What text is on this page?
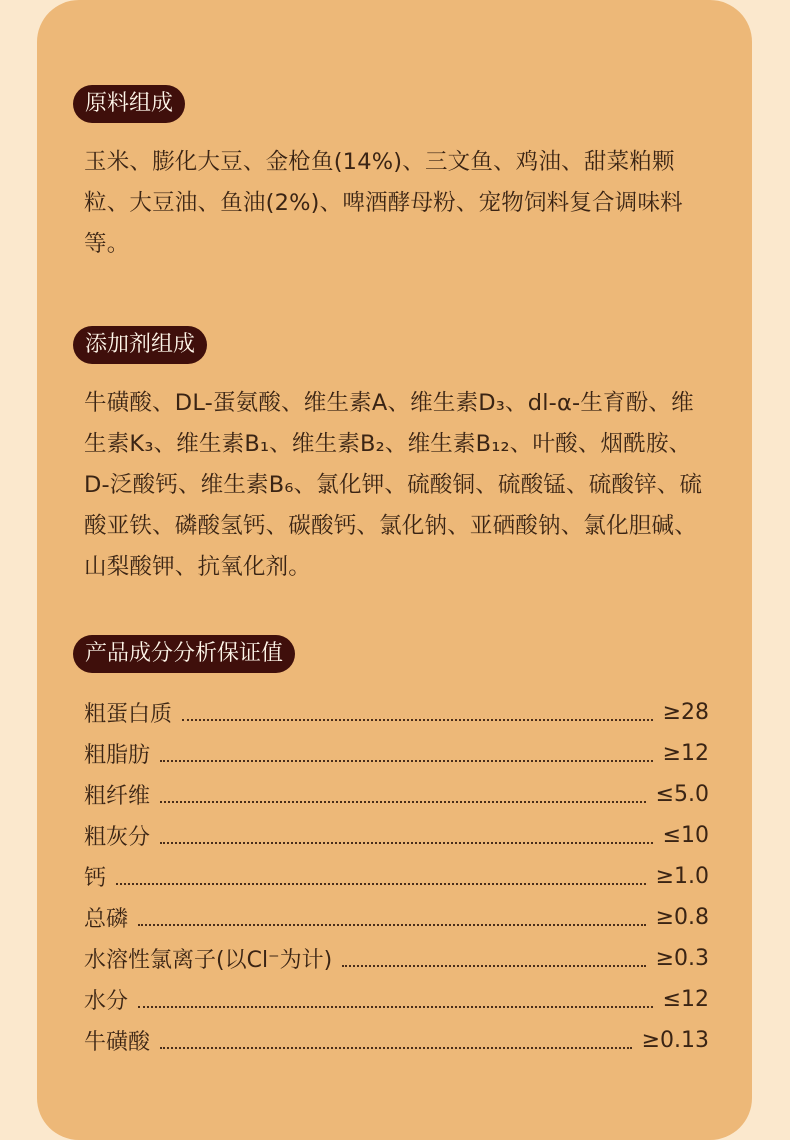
原料组成

玉米、膨化大豆、金枪鱼(14%)、三文鱼、鸡油、甜菜粕颗粒、大豆油、鱼油(2%)、啤酒酵母粉、宠物饲料复合调味料等。

添加剂组成

牛磺酸、DL-蛋氨酸、维生素A、维生素D₃、dl-α-生育酚、维生素K₃、维生素B₁、维生素B₂、维生素B₁₂、叶酸、烟酰胺、D-泛酸钙、维生素B₆、氯化钾、硫酸铜、硫酸锰、硫酸锌、硫酸亚铁、磷酸氢钙、碳酸钙、氯化钠、亚硒酸钠、氯化胆碱、山梨酸钾、抗氧化剂。

产品成分分析保证值
粗蛋白质	≥28
粗脂肪	≥12
粗纤维	≤5.0
粗灰分	≤10
钙	≥1.0
总磷	≥0.8
水溶性氯离子(以Cl⁻为计)	≥0.3
水分	≤12
牛磺酸	≥0.13
